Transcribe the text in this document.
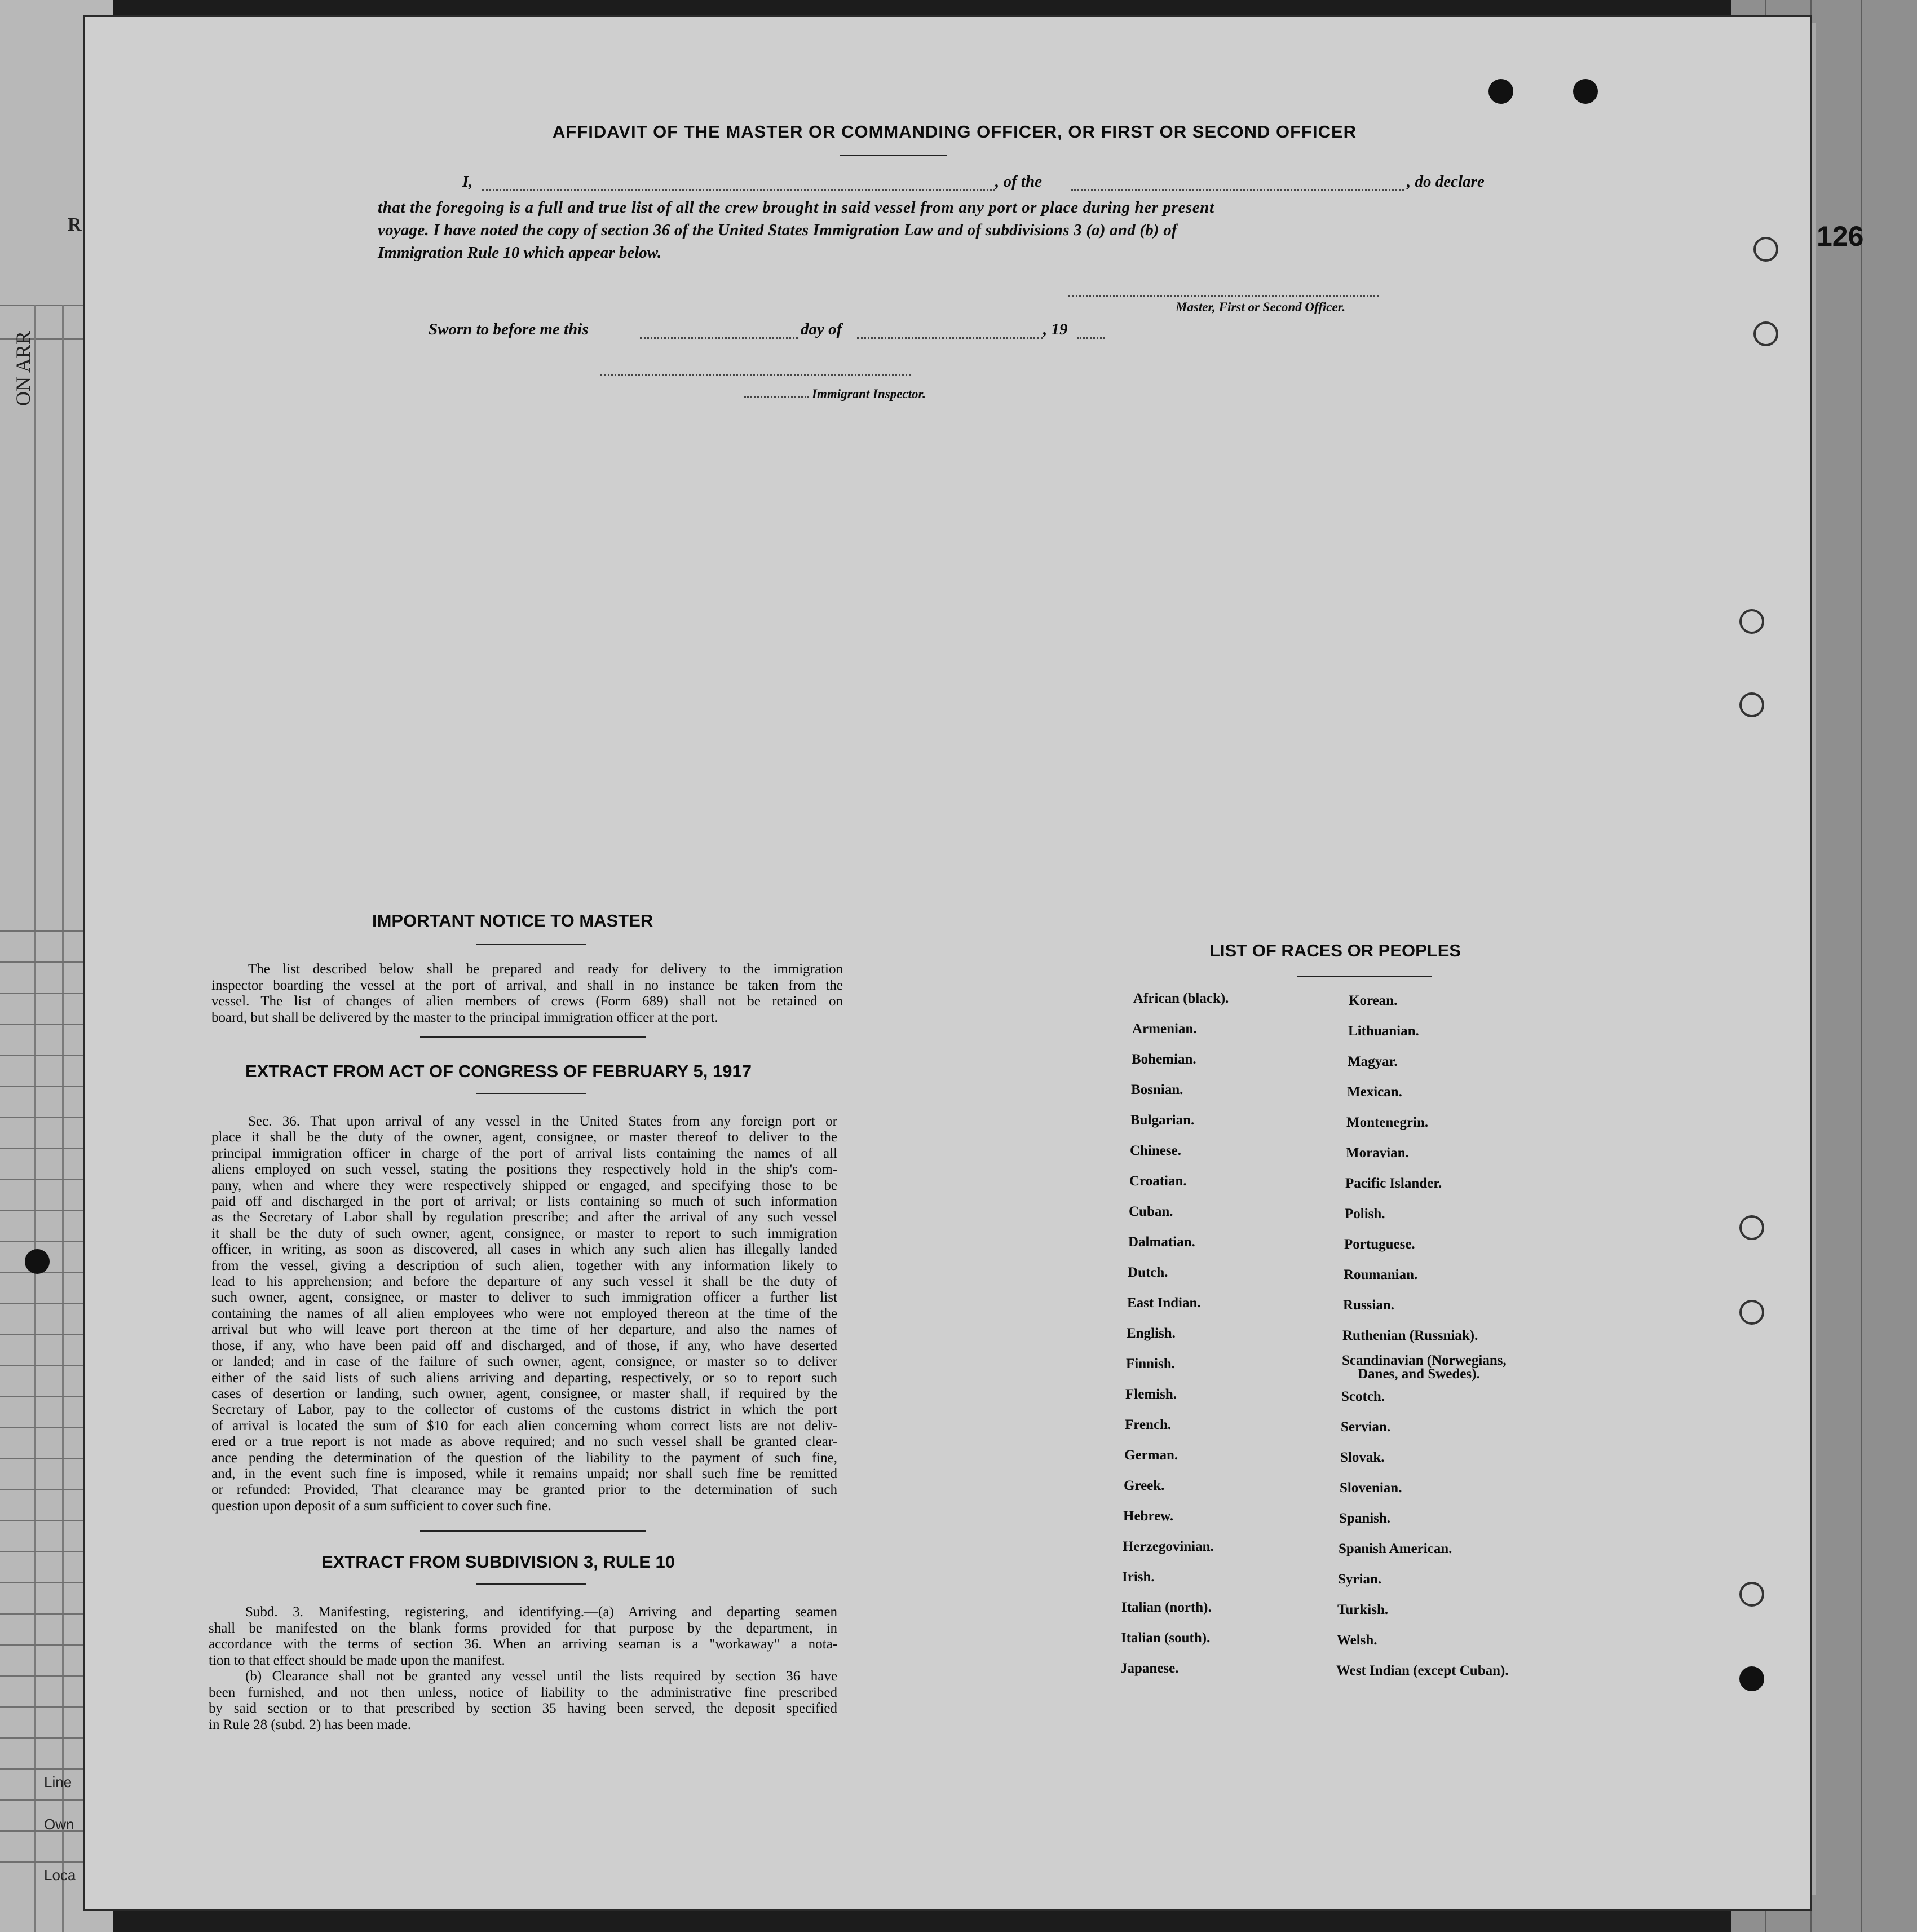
R
ON ARR
Line
Own
Loca
126
AFFIDAVIT OF THE MASTER OR COMMANDING OFFICER, OR FIRST OR SECOND OFFICER
I,	, of the	, do declare
that the foregoing is a full and true list of all the crew brought in said vessel from any port or place during her present
voyage. I have noted the copy of section 36 of the United States Immigration Law and of subdivisions 3 (a) and (b) of
Immigration Rule 10 which appear below.
Master, First or Second Officer.
Sworn to before me this	day of	, 19
Immigrant Inspector.
IMPORTANT NOTICE TO MASTER
The list described below shall be prepared and ready for delivery to the immigration
inspector boarding the vessel at the port of arrival, and shall in no instance be taken from the
vessel. The list of changes of alien members of crews (Form 689) shall not be retained on
board, but shall be delivered by the master to the principal immigration officer at the port.
EXTRACT FROM ACT OF CONGRESS OF FEBRUARY 5, 1917
Sec. 36. That upon arrival of any vessel in the United States from any foreign port or
place it shall be the duty of the owner, agent, consignee, or master thereof to deliver to the
principal immigration officer in charge of the port of arrival lists containing the names of all
aliens employed on such vessel, stating the positions they respectively hold in the ship's com-
pany, when and where they were respectively shipped or engaged, and specifying those to be
paid off and discharged in the port of arrival; or lists containing so much of such information
as the Secretary of Labor shall by regulation prescribe; and after the arrival of any such vessel
it shall be the duty of such owner, agent, consignee, or master to report to such immigration
officer, in writing, as soon as discovered, all cases in which any such alien has illegally landed
from the vessel, giving a description of such alien, together with any information likely to
lead to his apprehension; and before the departure of any such vessel it shall be the duty of
such owner, agent, consignee, or master to deliver to such immigration officer a further list
containing the names of all alien employees who were not employed thereon at the time of the
arrival but who will leave port thereon at the time of her departure, and also the names of
those, if any, who have been paid off and discharged, and of those, if any, who have deserted
or landed; and in case of the failure of such owner, agent, consignee, or master so to deliver
either of the said lists of such aliens arriving and departing, respectively, or so to report such
cases of desertion or landing, such owner, agent, consignee, or master shall, if required by the
Secretary of Labor, pay to the collector of customs of the customs district in which the port
of arrival is located the sum of $10 for each alien concerning whom correct lists are not deliv-
ered or a true report is not made as above required; and no such vessel shall be granted clear-
ance pending the determination of the question of the liability to the payment of such fine,
and, in the event such fine is imposed, while it remains unpaid; nor shall such fine be remitted
or refunded: Provided, That clearance may be granted prior to the determination of such
question upon deposit of a sum sufficient to cover such fine.
EXTRACT FROM SUBDIVISION 3, RULE 10
Subd. 3. Manifesting, registering, and identifying.—(a) Arriving and departing seamen
shall be manifested on the blank forms provided for that purpose by the department, in
accordance with the terms of section 36. When an arriving seaman is a "workaway" a nota-
tion to that effect should be made upon the manifest.
(b) Clearance shall not be granted any vessel until the lists required by section 36 have
been furnished, and not then unless, notice of liability to the administrative fine prescribed
by said section or to that prescribed by section 35 having been served, the deposit specified
in Rule 28 (subd. 2) has been made.
LIST OF RACES OR PEOPLES
African (black).
Armenian.
Bohemian.
Bosnian.
Bulgarian.
Chinese.
Croatian.
Cuban.
Dalmatian.
Dutch.
East Indian.
English.
Finnish.
Flemish.
French.
German.
Greek.
Hebrew.
Herzegovinian.
Irish.
Italian (north).
Italian (south).
Japanese.
Korean.
Lithuanian.
Magyar.
Mexican.
Montenegrin.
Moravian.
Pacific Islander.
Polish.
Portuguese.
Roumanian.
Russian.
Ruthenian (Russniak).
Scandinavian (Norwegians,
Danes, and Swedes).
Scotch.
Servian.
Slovak.
Slovenian.
Spanish.
Spanish American.
Syrian.
Turkish.
Welsh.
West Indian (except Cuban).
